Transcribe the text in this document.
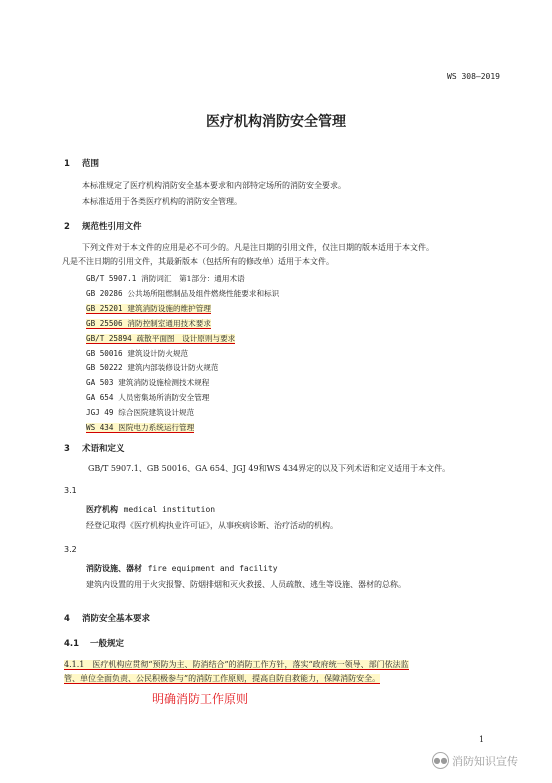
WS 308—2019
医疗机构消防安全管理
1 范围
本标准规定了医疗机构消防安全基本要求和内部特定场所的消防安全要求。
本标准适用于各类医疗机构的消防安全管理。
2 规范性引用文件
下列文件对于本文件的应用是必不可少的。凡是注日期的引用文件，仅注日期的版本适用于本文件。
凡是不注日期的引用文件，其最新版本（包括所有的修改单）适用于本文件。
GB/T 5907.1 消防词汇　第1部分：通用术语
GB 20286 公共场所阻燃制品及组件燃烧性能要求和标识
GB 25201 建筑消防设施的维护管理
GB 25506 消防控制室通用技术要求
GB/T 25894 疏散平面图　设计原则与要求
GB 50016 建筑设计防火规范
GB 50222 建筑内部装修设计防火规范
GA 503 建筑消防设施检测技术规程
GA 654 人员密集场所消防安全管理
JGJ 49 综合医院建筑设计规范
WS 434 医院电力系统运行管理
3 术语和定义
GB/T 5907.1、GB 50016、GA 654、JGJ 49和WS 434界定的以及下列术语和定义适用于本文件。
3.1
医疗机构 medical institution
经登记取得《医疗机构执业许可证》，从事疾病诊断、治疗活动的机构。
3.2
消防设施、器材 fire equipment and facility
建筑内设置的用于火灾报警、防烟排烟和灭火救援、人员疏散、逃生等设施、器材的总称。
4 消防安全基本要求
4.1 一般规定
4.1.1　医疗机构应贯彻“预防为主、防消结合”的消防工作方针，落实“政府统一领导、部门依法监
管、单位全面负责、公民积极参与”的消防工作原则，提高自防自救能力，保障消防安全。
明确消防工作原则
1
●● 消防知识宣传
